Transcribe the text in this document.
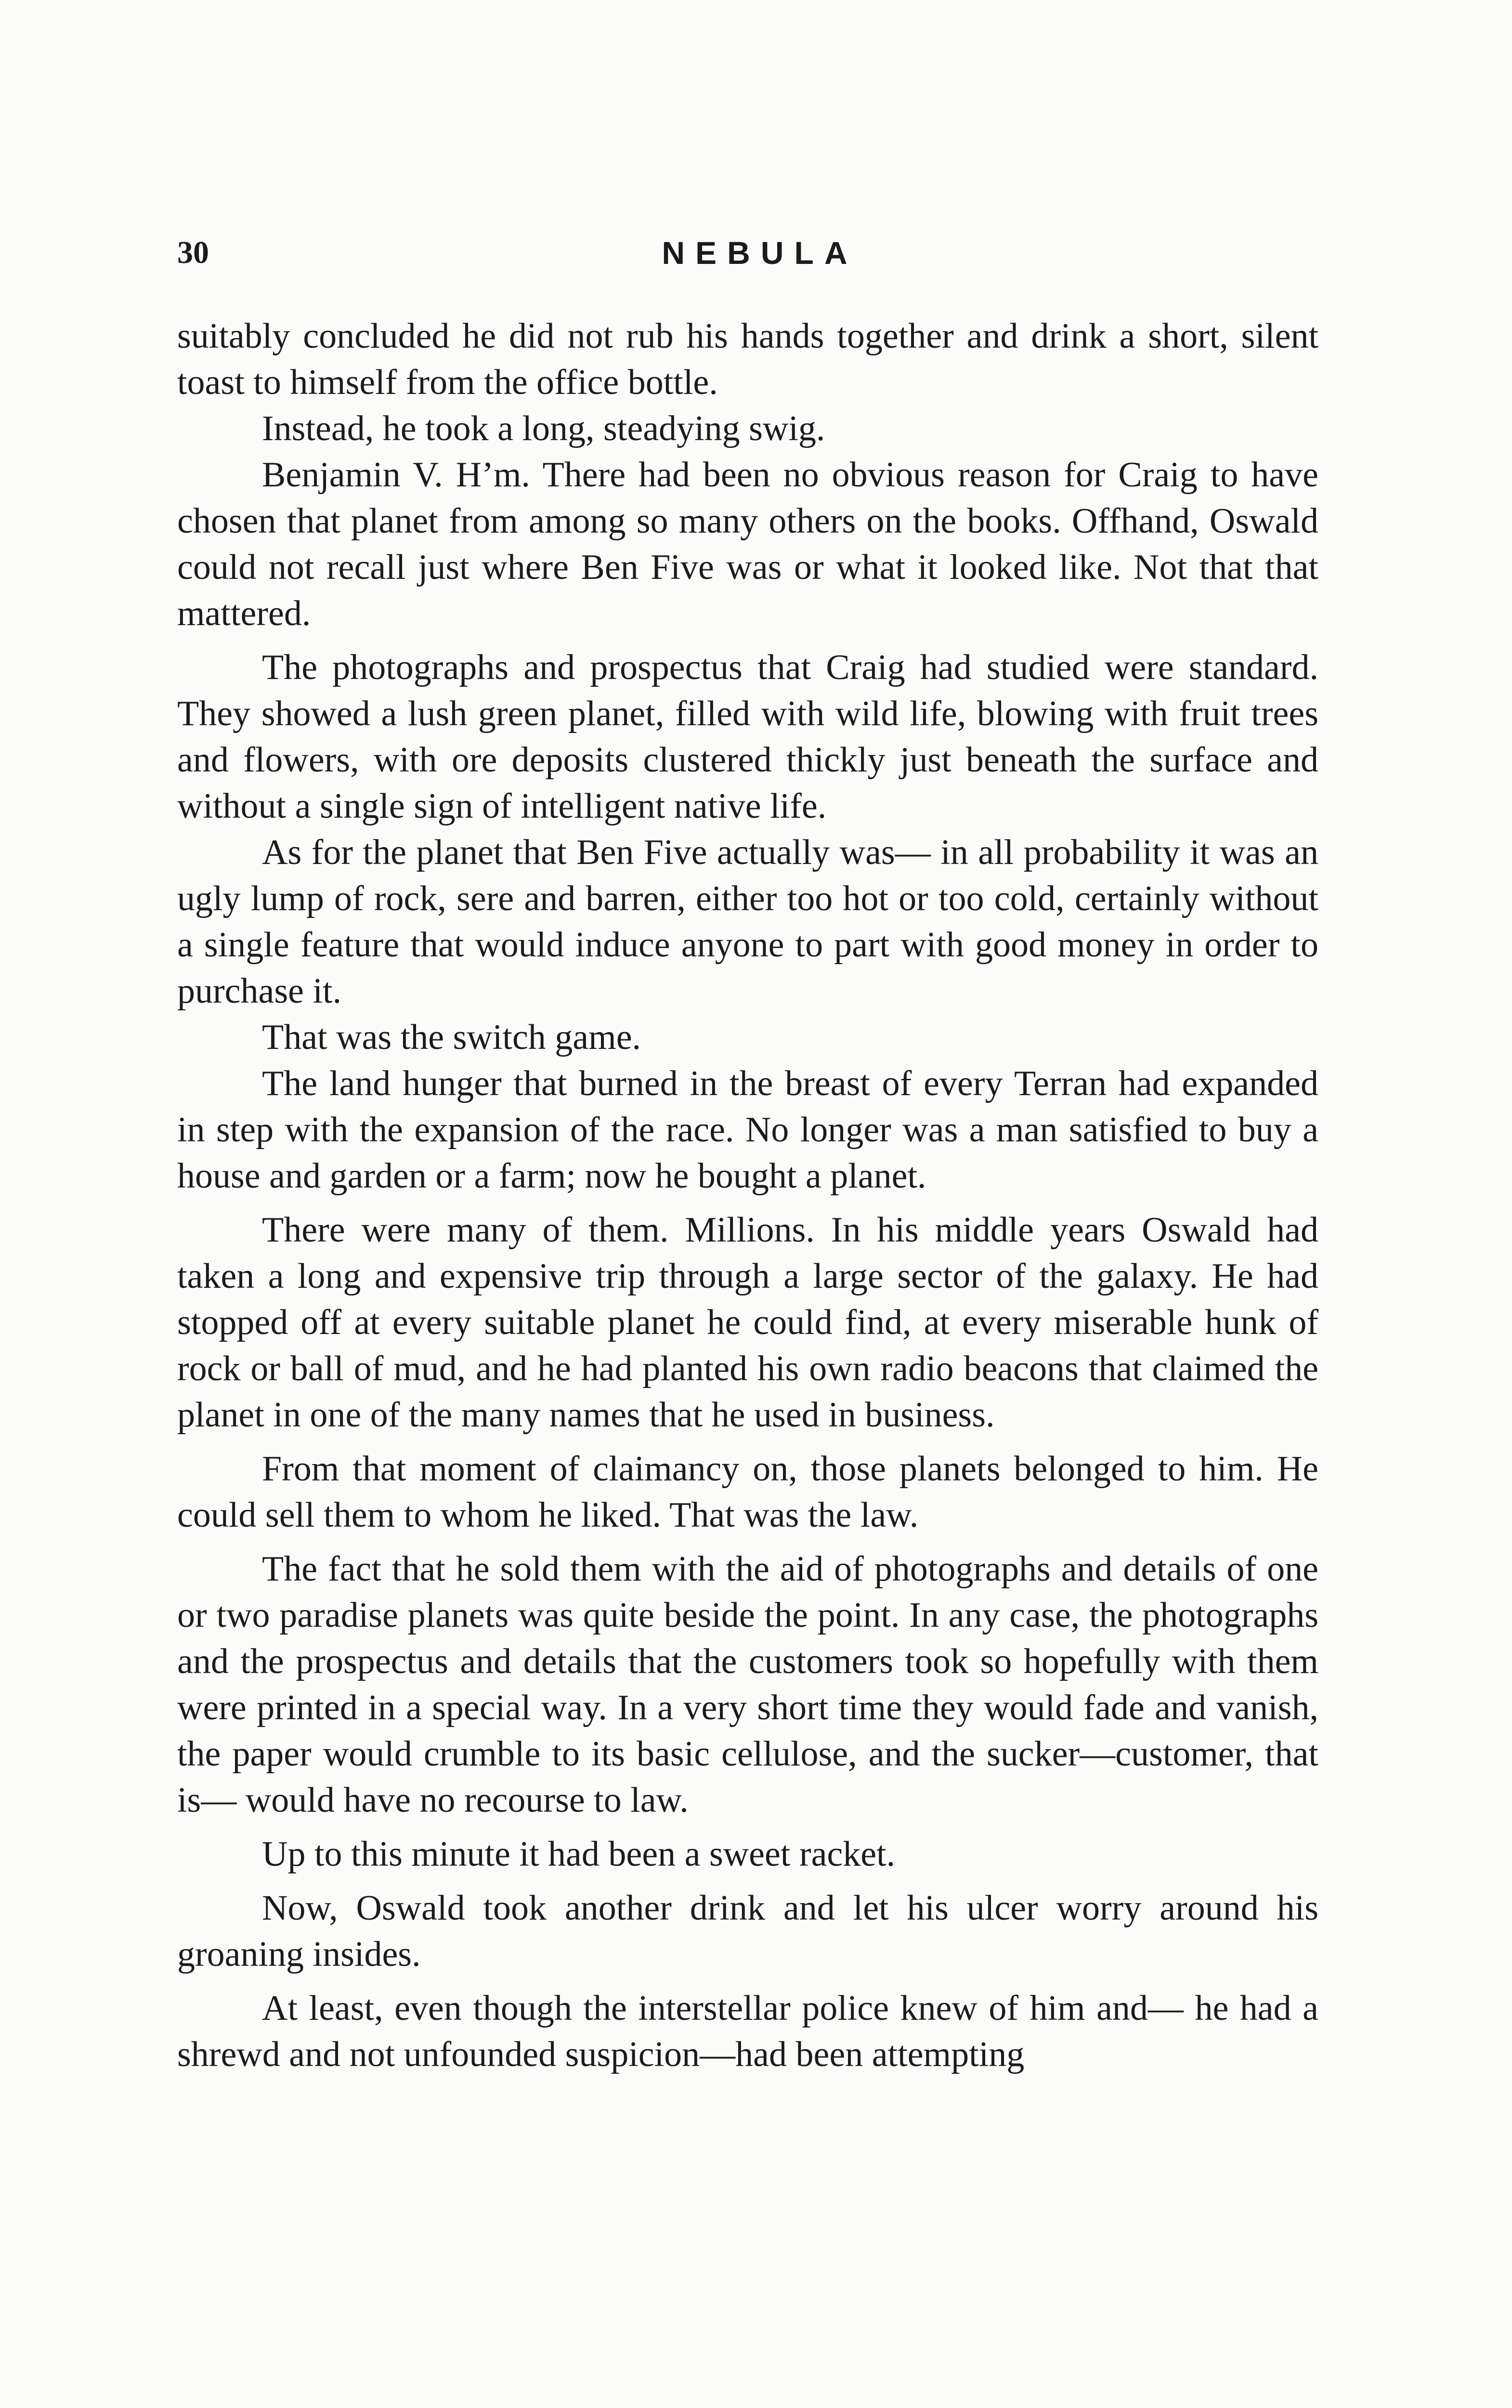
30	NEBULA

suitably concluded he did not rub his hands together and drink a short, silent toast to himself from the office bottle.

Instead, he took a long, steadying swig.

Benjamin V. H’m. There had been no obvious reason for Craig to have chosen that planet from among so many others on the books. Offhand, Oswald could not recall just where Ben Five was or what it looked like. Not that that mattered.

The photographs and prospectus that Craig had studied were standard. They showed a lush green planet, filled with wild life, blowing with fruit trees and flowers, with ore deposits clustered thickly just beneath the surface and without a single sign of intelligent native life.

As for the planet that Ben Five actually was— in all probability it was an ugly lump of rock, sere and barren, either too hot or too cold, certainly without a single feature that would induce anyone to part with good money in order to purchase it.

That was the switch game.

The land hunger that burned in the breast of every Terran had expanded in step with the expansion of the race. No longer was a man satisfied to buy a house and garden or a farm; now he bought a planet.

There were many of them. Millions. In his middle years Oswald had taken a long and expensive trip through a large sector of the galaxy. He had stopped off at every suitable planet he could find, at every miserable hunk of rock or ball of mud, and he had planted his own radio beacons that claimed the planet in one of the many names that he used in business.

From that moment of claimancy on, those planets belonged to him. He could sell them to whom he liked. That was the law.

The fact that he sold them with the aid of photographs and details of one or two paradise planets was quite beside the point. In any case, the photographs and the prospectus and details that the customers took so hopefully with them were printed in a special way. In a very short time they would fade and vanish, the paper would crumble to its basic cellulose, and the sucker—customer, that is— would have no recourse to law.

Up to this minute it had been a sweet racket.

Now, Oswald took another drink and let his ulcer worry around his groaning insides.

At least, even though the interstellar police knew of him and— he had a shrewd and not unfounded suspicion—had been attempting
